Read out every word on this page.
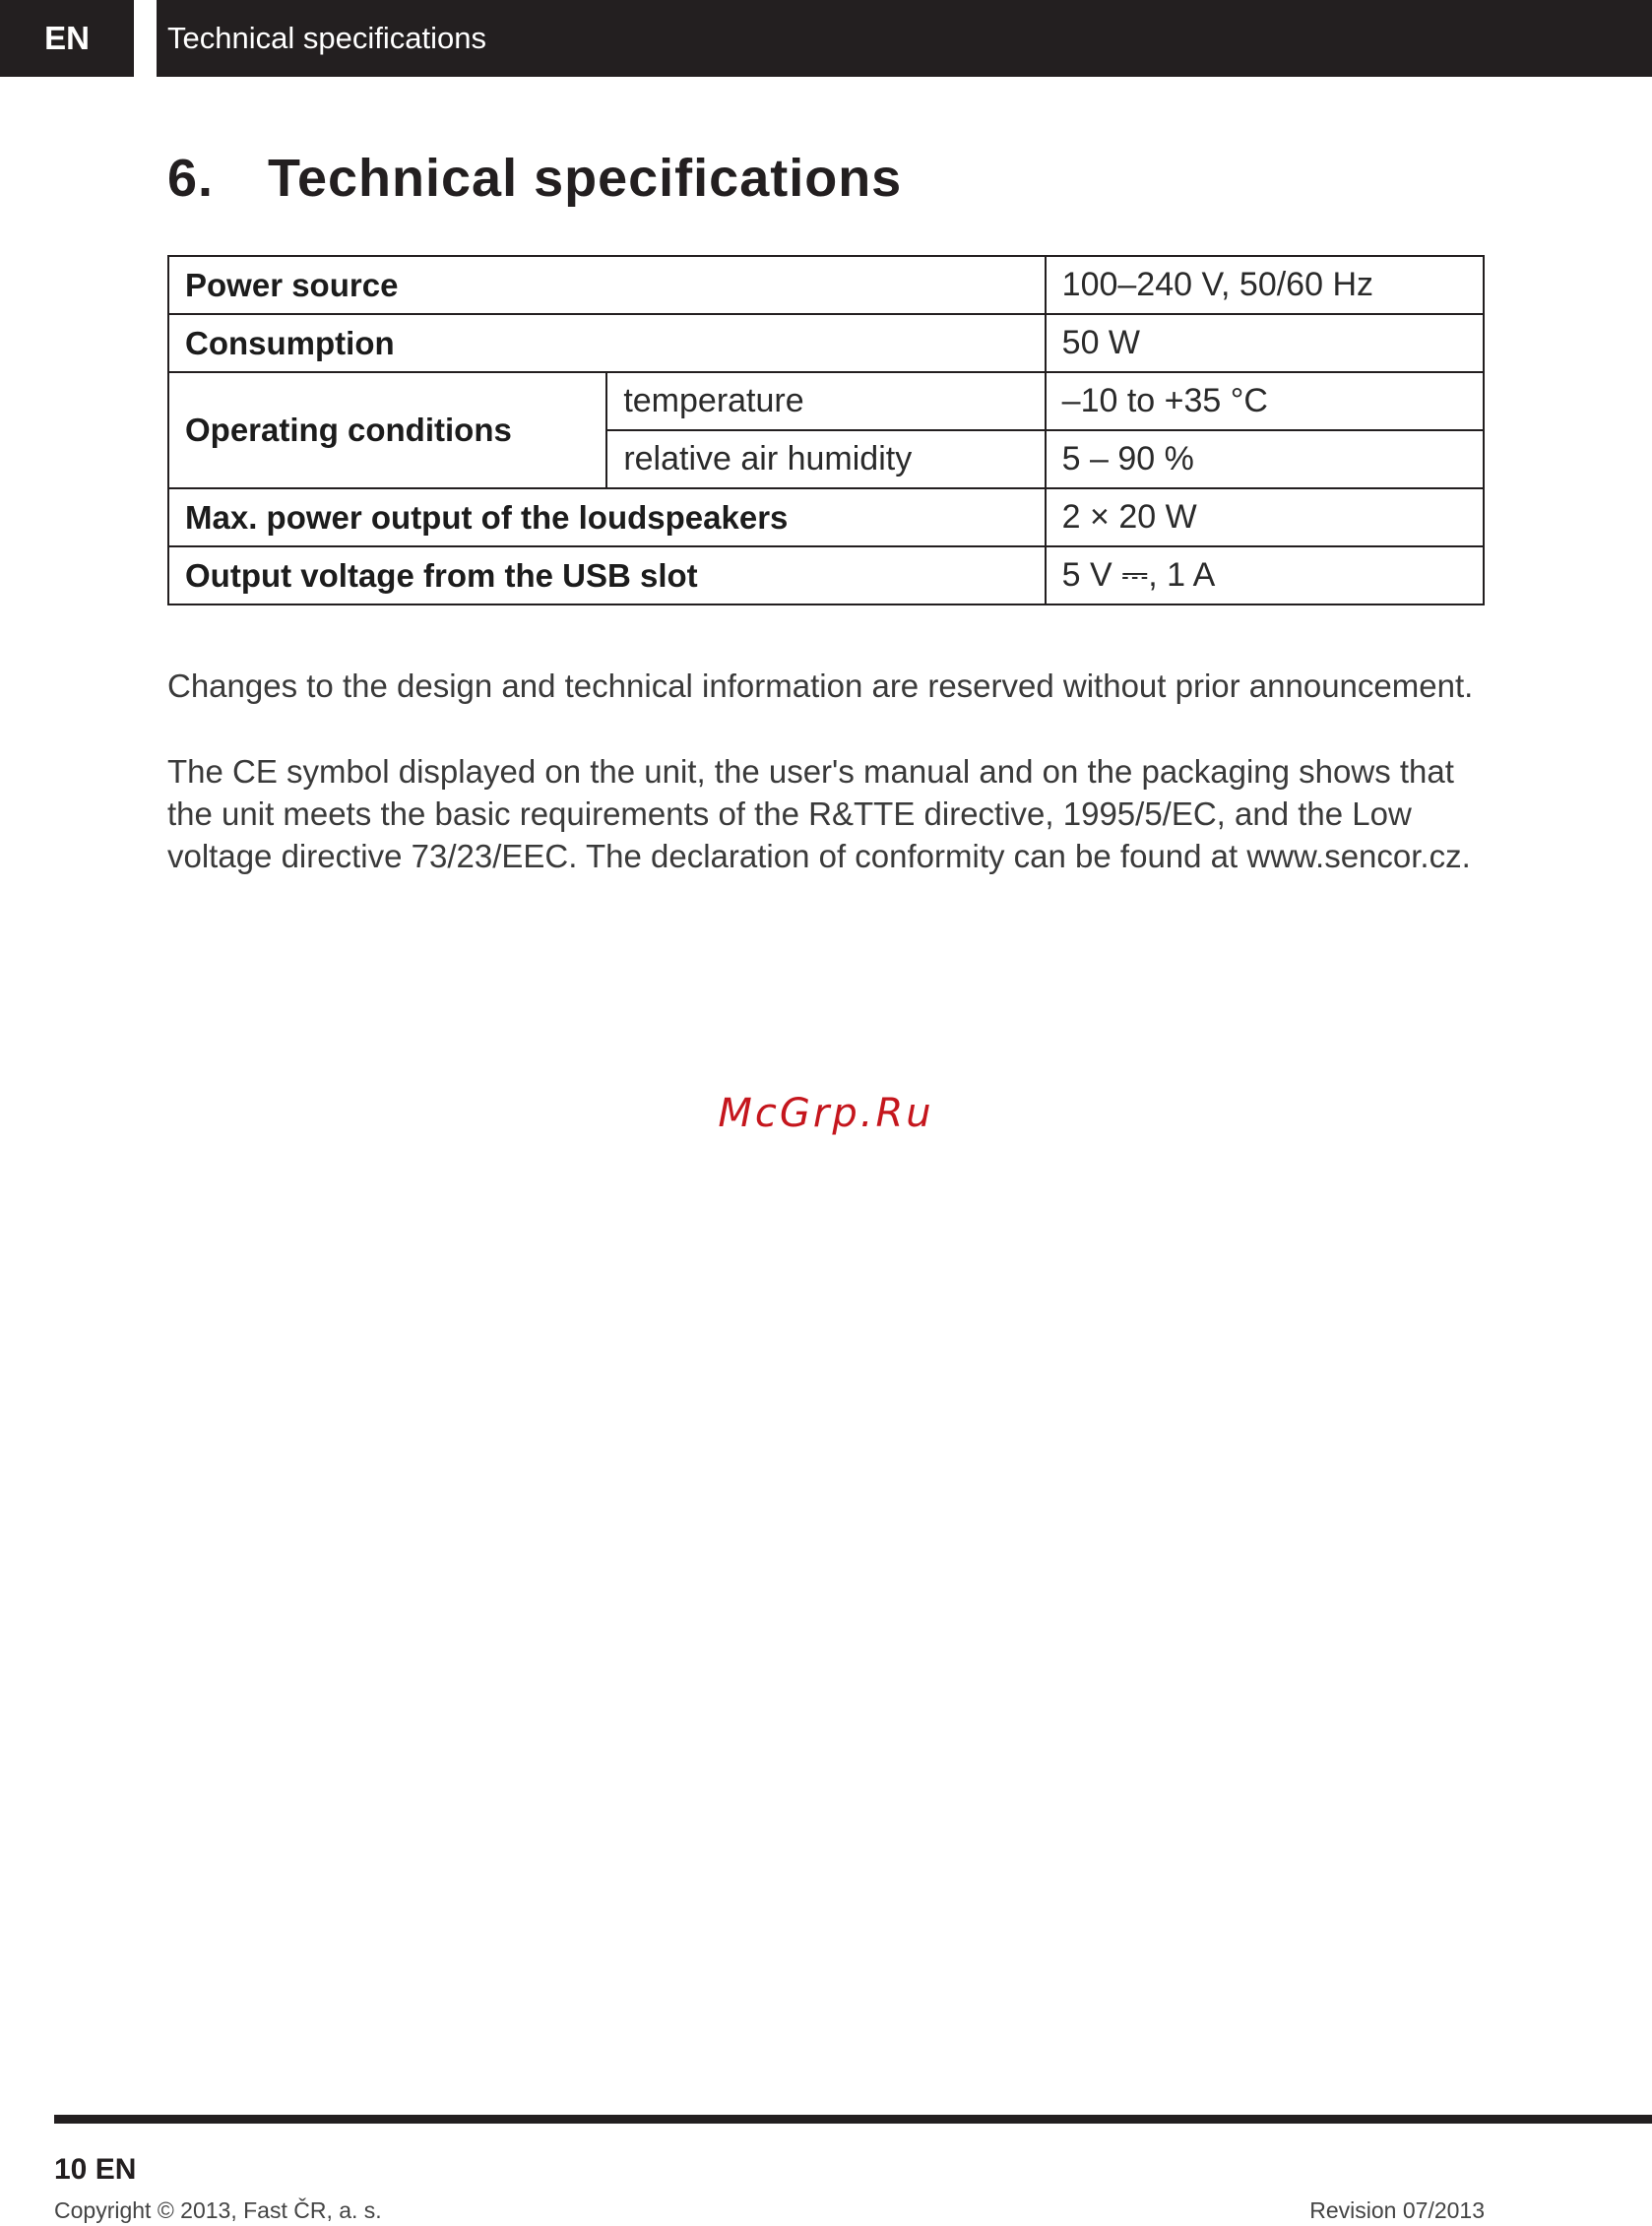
EN	Technical specifications
6. Technical specifications
Power source		100–240 V, 50/60 Hz
Consumption		50 W
Operating conditions	temperature	–10 to +35 °C
	relative air humidity	5 – 90 %
Max. power output of the loudspeakers		2 × 20 W
Output voltage from the USB slot		5 V ⎓, 1 A

Changes to the design and technical information are reserved without prior announcement.

The CE symbol displayed on the unit, the user's manual and on the packaging shows that the unit meets the basic requirements of the R&TTE directive, 1995/5/EC, and the Low voltage directive 73/23/EEC. The declaration of conformity can be found at www.sencor.cz.

McGrp.Ru
10 EN
Copyright © 2013, Fast ČR, a. s.	Revision 07/2013
